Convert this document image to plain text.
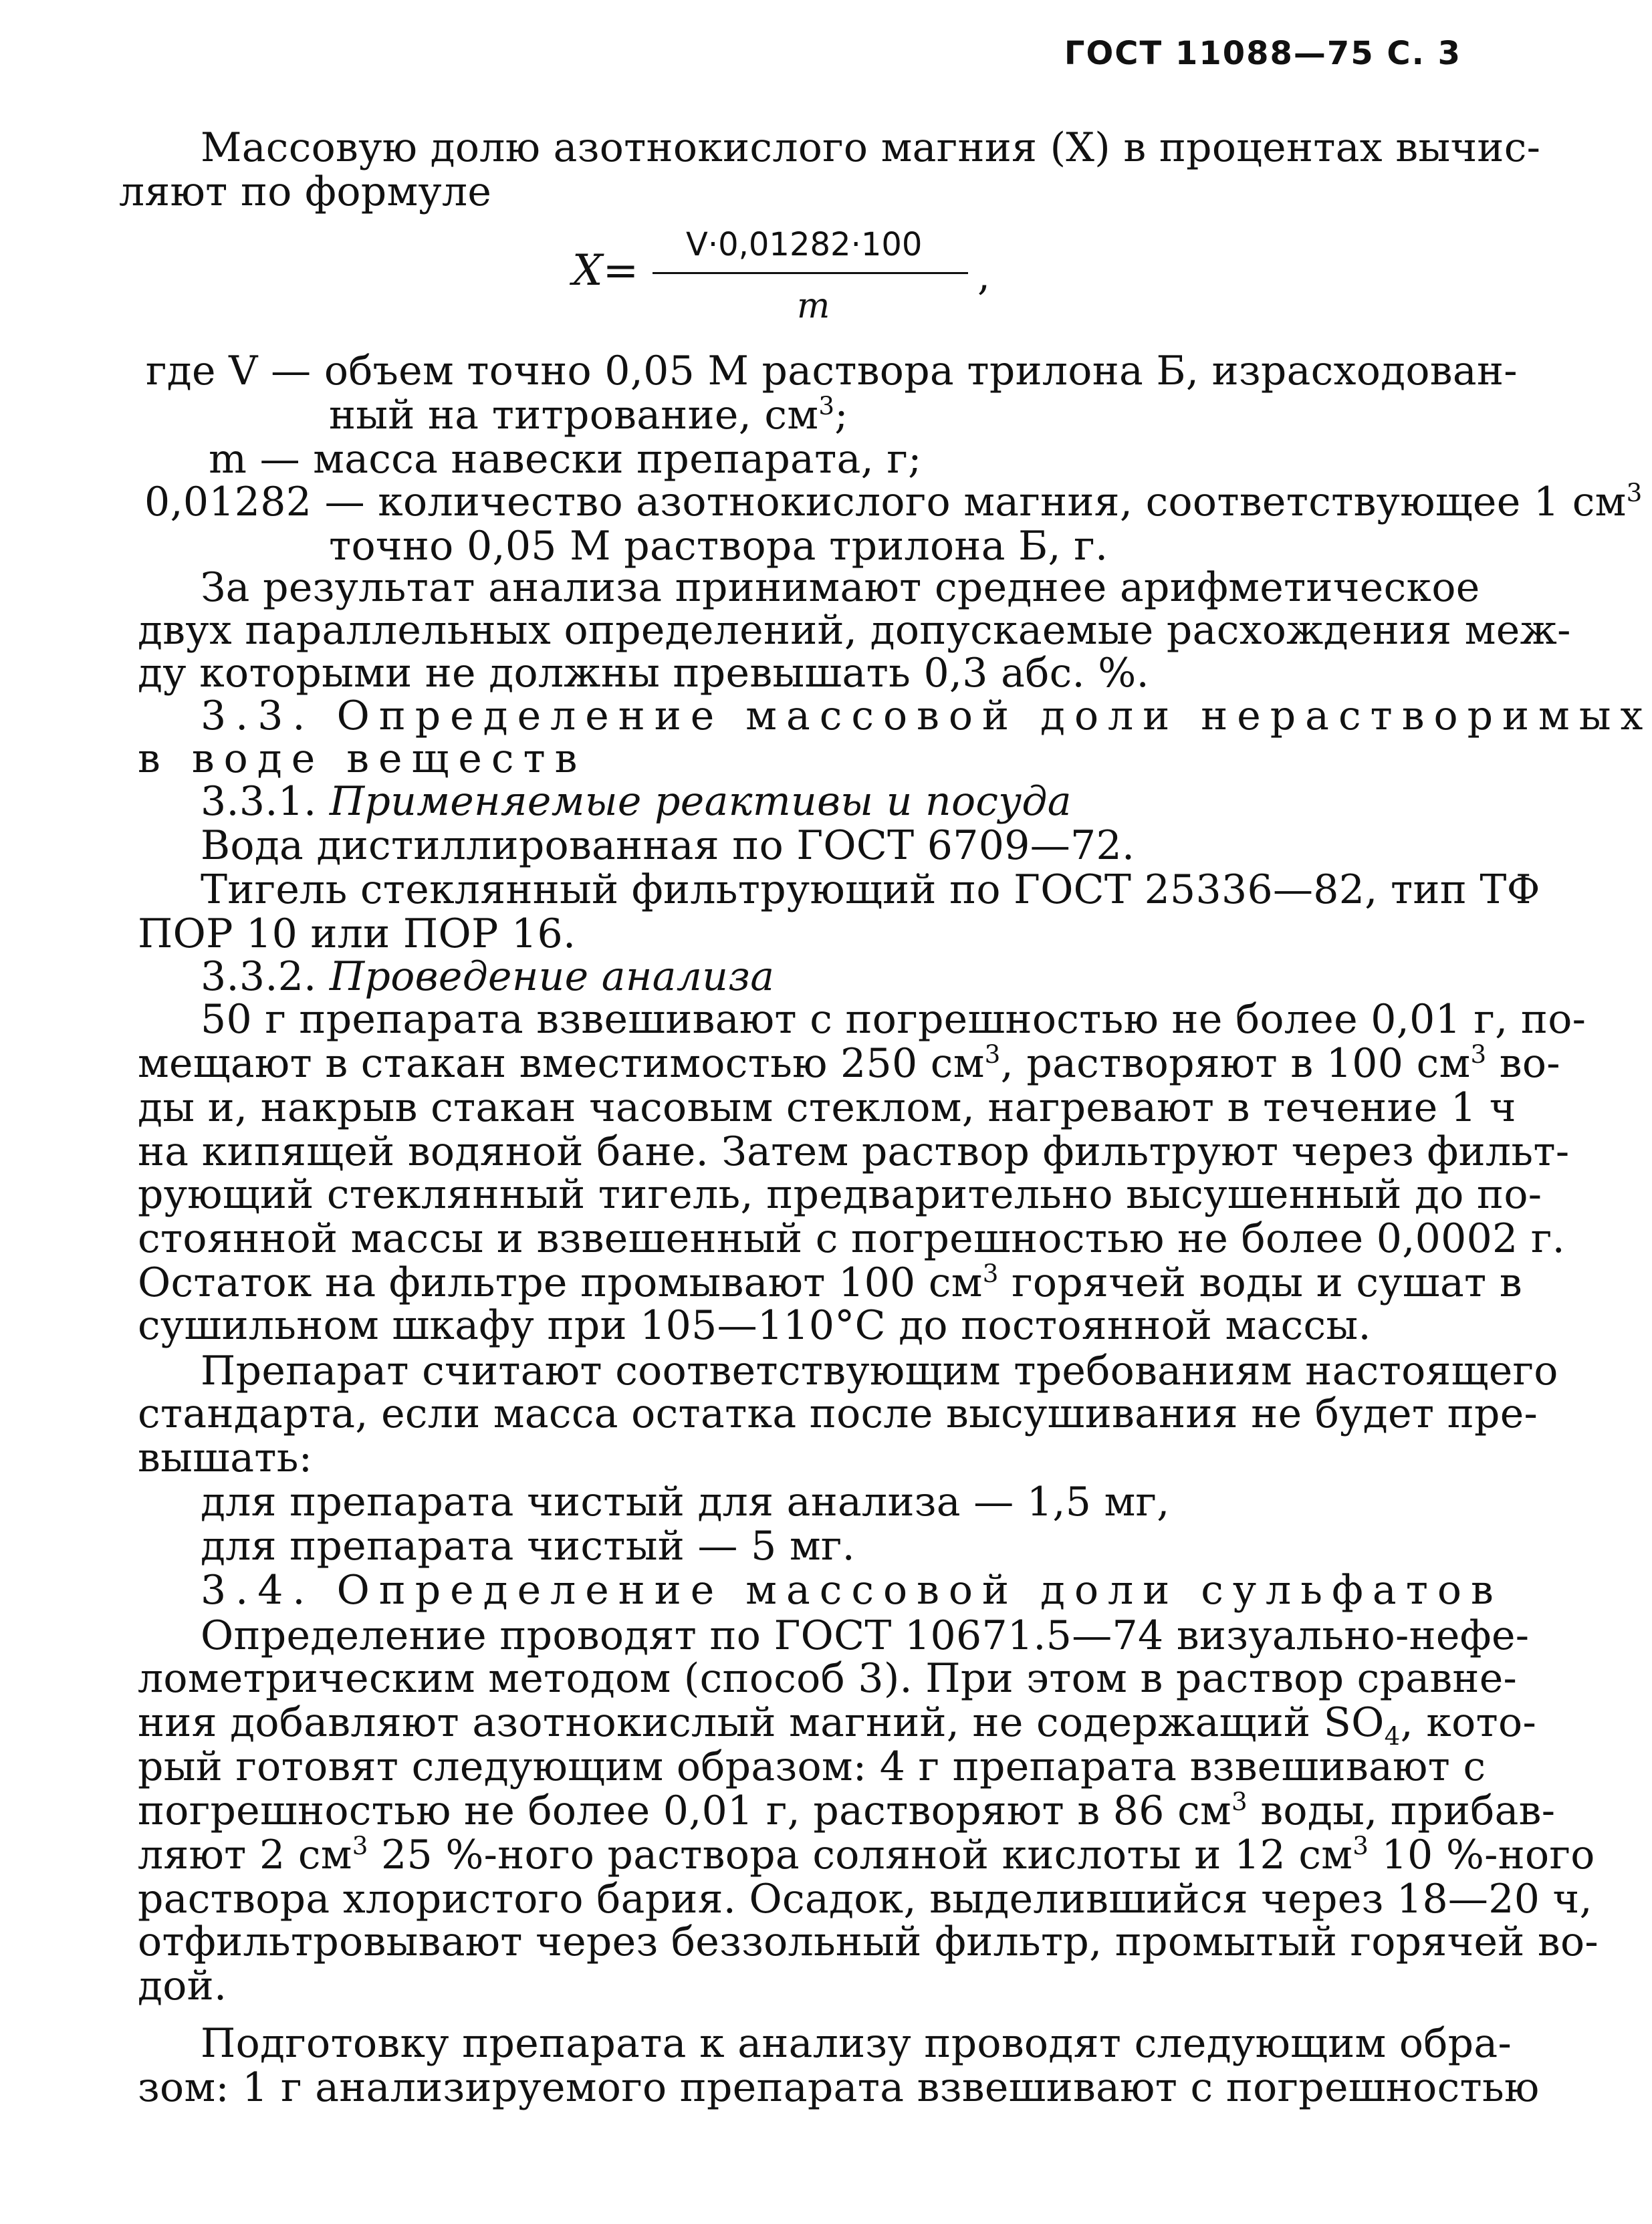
ГОСТ 11088—75 С. 3
Массовую долю азотнокислого магния (X) в процентах вычис-
ляют по формуле
X=
V·0,01282·100
,
m
где V — объем точно 0,05 М раствора трилона Б, израсходован-
ный на титрование, $см^3$;
m — масса навески препарата, г;
0,01282 — количество азотнокислого магния, соответствующее 1 $см^3$
точно 0,05 М раствора трилона Б, г.
За результат анализа принимают среднее арифметическое
двух параллельных определений, допускаемые расхождения меж-
ду которыми не должны превышать 0,3 абс. %.
3.3. Определение массовой доли нерастворимых
в воде веществ
3.3.1. Применяемые реактивы и посуда
Вода дистиллированная по ГОСТ 6709—72.
Тигель стеклянный фильтрующий по ГОСТ 25336—82, тип ТФ
ПОР 10 или ПОР 16.
3.3.2. Проведение анализа
50 г препарата взвешивают с погрешностью не более 0,01 г, по-
мещают в стакан вместимостью 250 $см^3$, растворяют в 100 $см^3$ во-
ды и, накрыв стакан часовым стеклом, нагревают в течение 1 ч
на кипящей водяной бане. Затем раствор фильтруют через фильт-
рующий стеклянный тигель, предварительно высушенный до по-
стоянной массы и взвешенный с погрешностью не более 0,0002 г.
Остаток на фильтре промывают 100 $см^3$ горячей воды и сушат в
сушильном шкафу при 105—110°С до постоянной массы.
Препарат считают соответствующим требованиям настоящего
стандарта, если масса остатка после высушивания не будет пре-
вышать:
для препарата чистый для анализа — 1,5 мг,
для препарата чистый — 5 мг.
3.4. Определение массовой доли сульфатов
Определение проводят по ГОСТ 10671.5—74 визуально-нефе-
лометрическим методом (способ 3). При этом в раствор сравне-
ния добавляют азотнокислый магний, не содержащий $SO_4$, кото-
рый готовят следующим образом: 4 г препарата взвешивают с
погрешностью не более 0,01 г, растворяют в 86 $см^3$ воды, прибав-
ляют 2 $см^3$ 25 %-ного раствора соляной кислоты и 12 $см^3$ 10 %-ного
раствора хлористого бария. Осадок, выделившийся через 18—20 ч,
отфильтровывают через беззольный фильтр, промытый горячей во-
дой.
Подготовку препарата к анализу проводят следующим обра-
зом: 1 г анализируемого препарата взвешивают с погрешностью
